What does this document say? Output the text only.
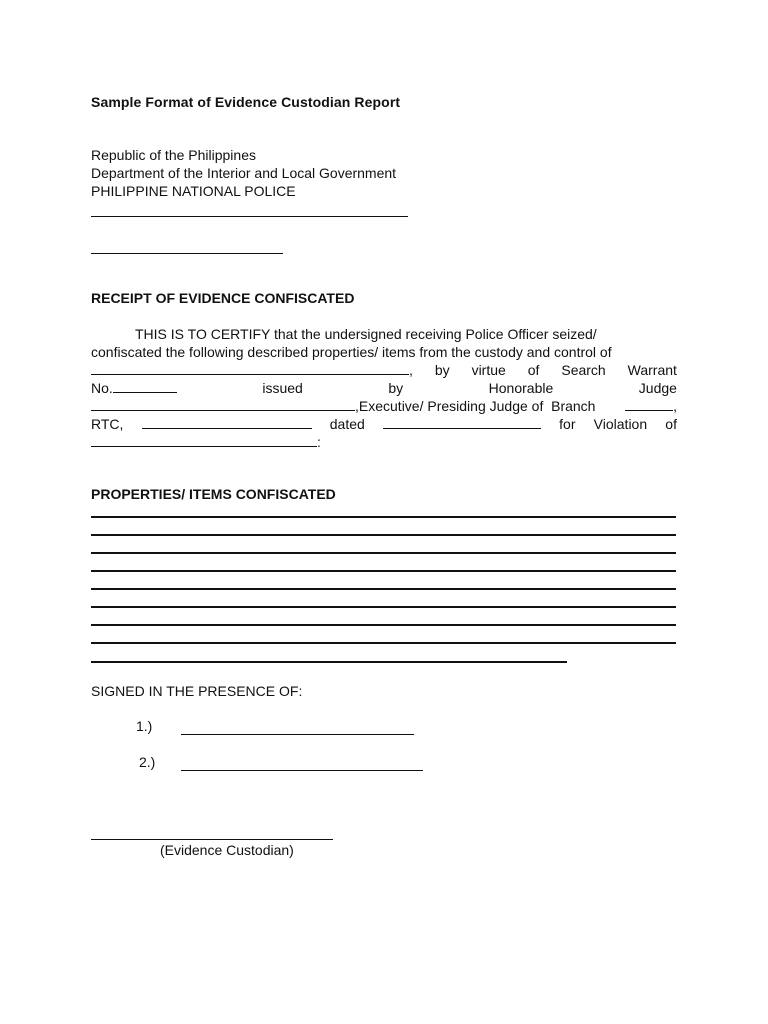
Sample Format of Evidence Custodian Report
Republic of the Philippines
Department of the Interior and Local Government
PHILIPPINE NATIONAL POLICE
RECEIPT OF EVIDENCE CONFISCATED
THIS IS TO CERTIFY that the undersigned receiving Police Officer seized/
confiscated the following described properties/ items from the custody and control of
, by virtue of Search Warrant
No.	issued	by	Honorable	Judge
,Executive/ Presiding Judge of  Branch	,
RTC,	dated	for Violation of
:
PROPERTIES/ ITEMS CONFISCATED
SIGNED IN THE PRESENCE OF:
1.)
2.)
(Evidence Custodian)
